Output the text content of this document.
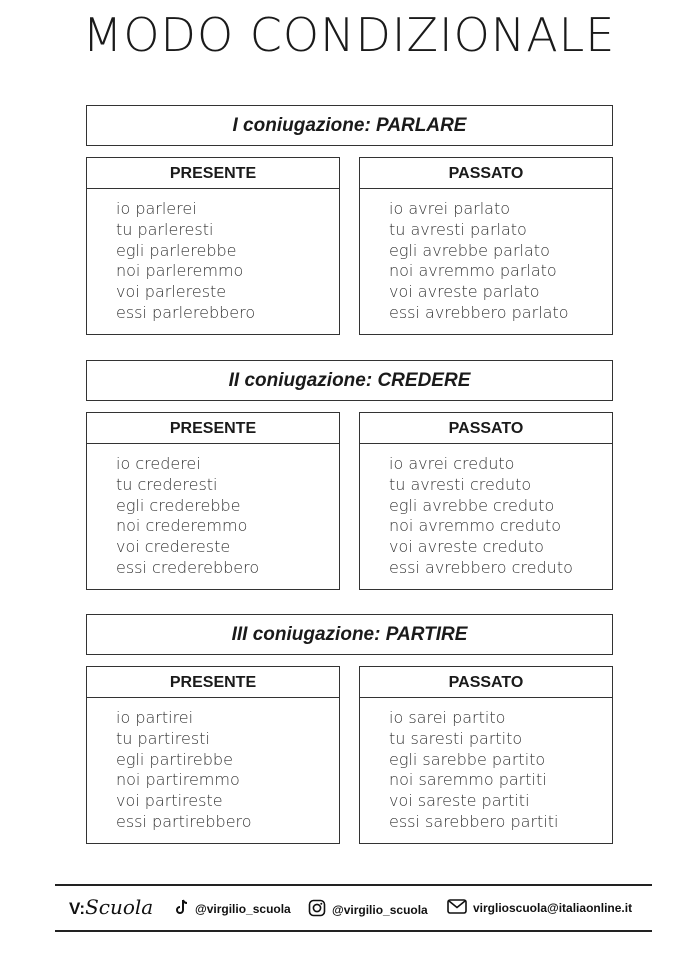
MODO CONDIZIONALE
I coniugazione: PARLARE
PRESENTE
io parlerei
tu parleresti
egli parlerebbe
noi parleremmo
voi parlereste
essi parlerebbero
PASSATO
io avrei parlato
tu avresti parlato
egli avrebbe parlato
noi avremmo parlato
voi avreste parlato
essi avrebbero parlato
II coniugazione: CREDERE
PRESENTE
io crederei
tu crederesti
egli crederebbe
noi crederemmo
voi credereste
essi crederebbero
PASSATO
io avrei creduto
tu avresti creduto
egli avrebbe creduto
noi avremmo creduto
voi avreste creduto
essi avrebbero creduto
III coniugazione: PARTIRE
PRESENTE
io partirei
tu partiresti
egli partirebbe
noi partiremmo
voi partireste
essi partirebbero
PASSATO
io sarei partito
tu saresti partito
egli sarebbe partito
noi saremmo partiti
voi sareste partiti
essi sarebbero partiti
V:Scuola	@virgilio_scuola	@virgilio_scuola	virglioscuola@italiaonline.it
